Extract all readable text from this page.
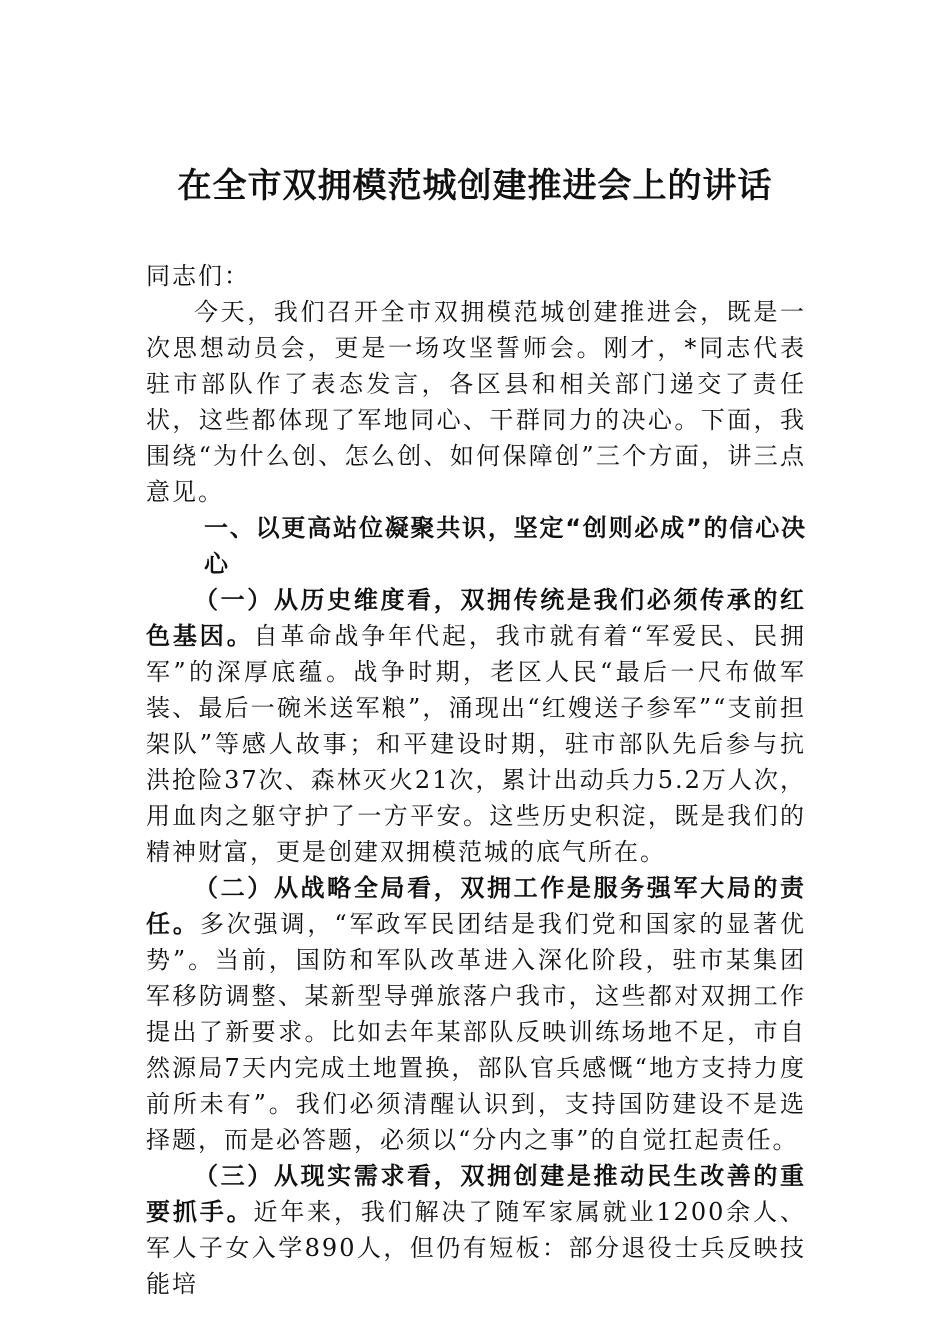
在全市双拥模范城创建推进会上的讲话

同志们：

今天，我们召开全市双拥模范城创建推进会，既是一次思想动员会，更是一场攻坚誓师会。刚才，*同志代表驻市部队作了表态发言，各区县和相关部门递交了责任状，这些都体现了军地同心、干群同力的决心。下面，我围绕“为什么创、怎么创、如何保障创”三个方面，讲三点意见。

一、以更高站位凝聚共识，坚定“创则必成”的信心决心

（一）从历史维度看，双拥传统是我们必须传承的红色基因。自革命战争年代起，我市就有着“军爱民、民拥军”的深厚底蕴。战争时期，老区人民“最后一尺布做军装、最后一碗米送军粮”，涌现出“红嫂送子参军”“支前担架队”等感人故事；和平建设时期，驻市部队先后参与抗洪抢险37次、森林灭火21次，累计出动兵力5.2万人次，用血肉之躯守护了一方平安。这些历史积淀，既是我们的精神财富，更是创建双拥模范城的底气所在。

（二）从战略全局看，双拥工作是服务强军大局的责任。多次强调，“军政军民团结是我们党和国家的显著优势”。当前，国防和军队改革进入深化阶段，驻市某集团军移防调整、某新型导弹旅落户我市，这些都对双拥工作提出了新要求。比如去年某部队反映训练场地不足，市自然源局7天内完成土地置换，部队官兵感慨“地方支持力度前所未有”。我们必须清醒认识到，支持国防建设不是选择题，而是必答题，必须以“分内之事”的自觉扛起责任。

（三）从现实需求看，双拥创建是推动民生改善的重要抓手。近年来，我们解决了随军家属就业1200余人、军人子女入学890人，但仍有短板：部分退役士兵反映技能培
